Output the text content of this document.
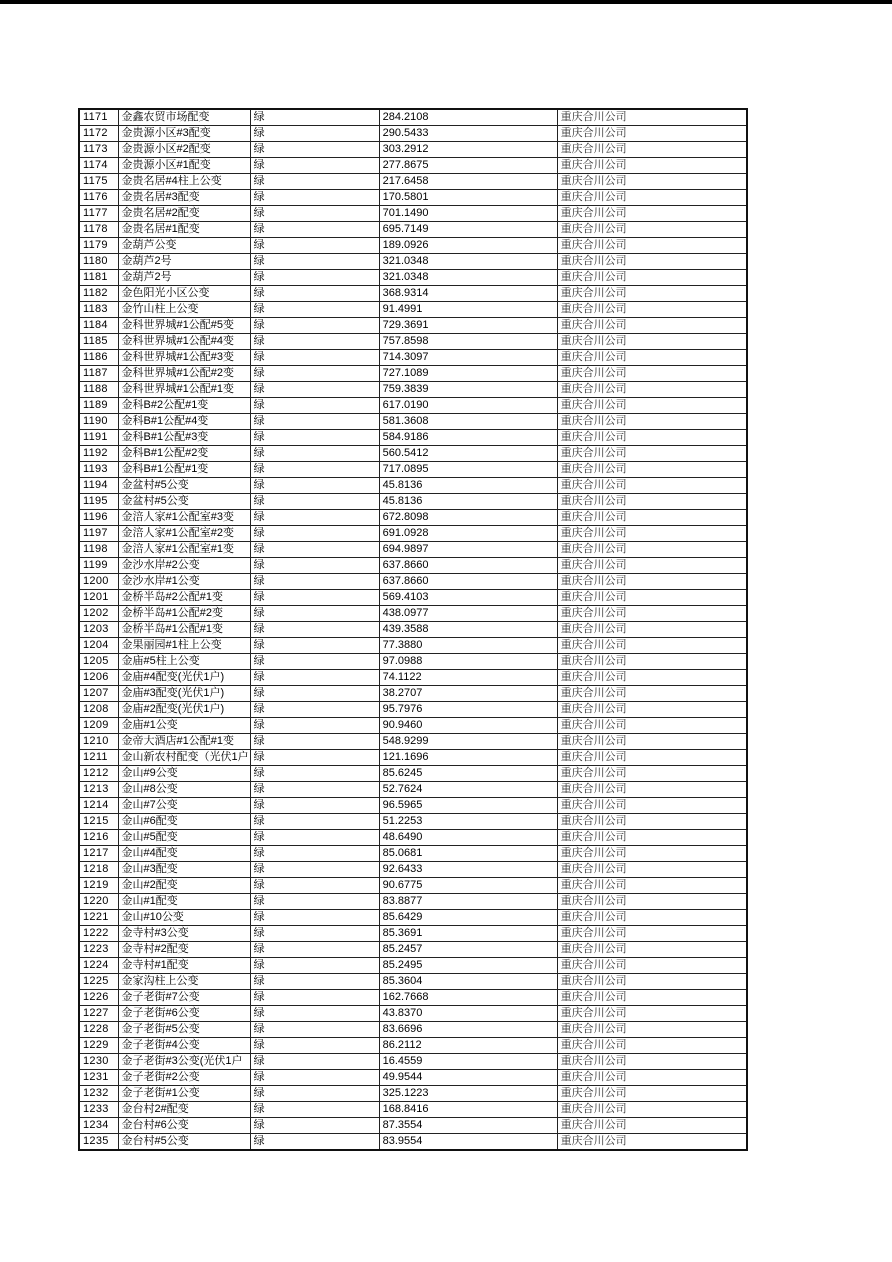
1171	金鑫农贸市场配变	绿	284.2108	重庆合川公司
1172	金贵源小区#3配变	绿	290.5433	重庆合川公司
1173	金贵源小区#2配变	绿	303.2912	重庆合川公司
1174	金贵源小区#1配变	绿	277.8675	重庆合川公司
1175	金贵名居#4柱上公变	绿	217.6458	重庆合川公司
1176	金贵名居#3配变	绿	170.5801	重庆合川公司
1177	金贵名居#2配变	绿	701.1490	重庆合川公司
1178	金贵名居#1配变	绿	695.7149	重庆合川公司
1179	金葫芦公变	绿	189.0926	重庆合川公司
1180	金葫芦2号	绿	321.0348	重庆合川公司
1181	金葫芦2号	绿	321.0348	重庆合川公司
1182	金色阳光小区公变	绿	368.9314	重庆合川公司
1183	金竹山柱上公变	绿	91.4991	重庆合川公司
1184	金科世界城#1公配#5变	绿	729.3691	重庆合川公司
1185	金科世界城#1公配#4变	绿	757.8598	重庆合川公司
1186	金科世界城#1公配#3变	绿	714.3097	重庆合川公司
1187	金科世界城#1公配#2变	绿	727.1089	重庆合川公司
1188	金科世界城#1公配#1变	绿	759.3839	重庆合川公司
1189	金科B#2公配#1变	绿	617.0190	重庆合川公司
1190	金科B#1公配#4变	绿	581.3608	重庆合川公司
1191	金科B#1公配#3变	绿	584.9186	重庆合川公司
1192	金科B#1公配#2变	绿	560.5412	重庆合川公司
1193	金科B#1公配#1变	绿	717.0895	重庆合川公司
1194	金盆村#5公变	绿	45.8136	重庆合川公司
1195	金盆村#5公变	绿	45.8136	重庆合川公司
1196	金涪人家#1公配室#3变	绿	672.8098	重庆合川公司
1197	金涪人家#1公配室#2变	绿	691.0928	重庆合川公司
1198	金涪人家#1公配室#1变	绿	694.9897	重庆合川公司
1199	金沙水岸#2公变	绿	637.8660	重庆合川公司
1200	金沙水岸#1公变	绿	637.8660	重庆合川公司
1201	金桥半岛#2公配#1变	绿	569.4103	重庆合川公司
1202	金桥半岛#1公配#2变	绿	438.0977	重庆合川公司
1203	金桥半岛#1公配#1变	绿	439.3588	重庆合川公司
1204	金果丽园#1柱上公变	绿	77.3880	重庆合川公司
1205	金庙#5柱上公变	绿	97.0988	重庆合川公司
1206	金庙#4配变(光伏1户)	绿	74.1122	重庆合川公司
1207	金庙#3配变(光伏1户)	绿	38.2707	重庆合川公司
1208	金庙#2配变(光伏1户)	绿	95.7976	重庆合川公司
1209	金庙#1公变	绿	90.9460	重庆合川公司
1210	金帝大酒店#1公配#1变	绿	548.9299	重庆合川公司
1211	金山新农村配变（光伏1户	绿	121.1696	重庆合川公司
1212	金山#9公变	绿	85.6245	重庆合川公司
1213	金山#8公变	绿	52.7624	重庆合川公司
1214	金山#7公变	绿	96.5965	重庆合川公司
1215	金山#6配变	绿	51.2253	重庆合川公司
1216	金山#5配变	绿	48.6490	重庆合川公司
1217	金山#4配变	绿	85.0681	重庆合川公司
1218	金山#3配变	绿	92.6433	重庆合川公司
1219	金山#2配变	绿	90.6775	重庆合川公司
1220	金山#1配变	绿	83.8877	重庆合川公司
1221	金山#10公变	绿	85.6429	重庆合川公司
1222	金寺村#3公变	绿	85.3691	重庆合川公司
1223	金寺村#2配变	绿	85.2457	重庆合川公司
1224	金寺村#1配变	绿	85.2495	重庆合川公司
1225	金家沟柱上公变	绿	85.3604	重庆合川公司
1226	金子老街#7公变	绿	162.7668	重庆合川公司
1227	金子老街#6公变	绿	43.8370	重庆合川公司
1228	金子老街#5公变	绿	83.6696	重庆合川公司
1229	金子老街#4公变	绿	86.2112	重庆合川公司
1230	金子老街#3公变(光伏1户	绿	16.4559	重庆合川公司
1231	金子老街#2公变	绿	49.9544	重庆合川公司
1232	金子老街#1公变	绿	325.1223	重庆合川公司
1233	金台村2#配变	绿	168.8416	重庆合川公司
1234	金台村#6公变	绿	87.3554	重庆合川公司
1235	金台村#5公变	绿	83.9554	重庆合川公司
